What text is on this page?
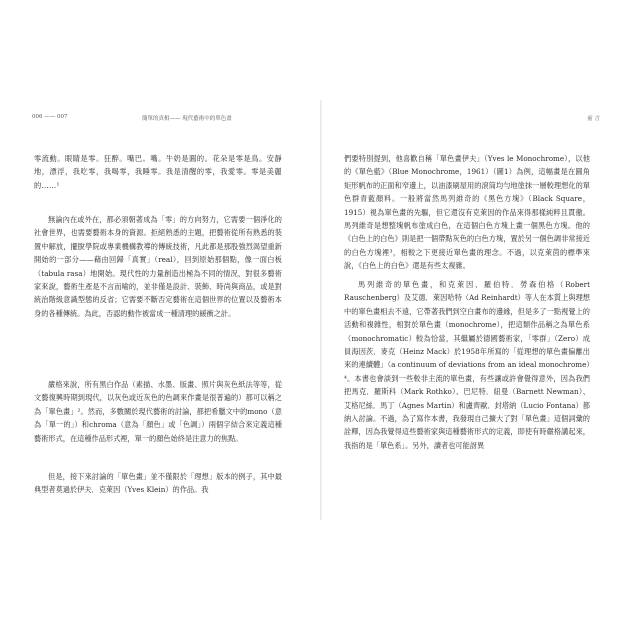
006 —— 007	簡單的真相—— 現代藝術中的單色畫

零流動。眼睛是零。狂醉。嘴巴。嘴。牛奶是圓的。花朵是零是鳥。安靜地，漂浮，我吃零，我喝零，我睡零。我是清醒的零，我愛零。零是美麗的……¹

無論內在或外在，都必須朝著成為「零」的方向努力，它需要一個淨化的社會世界，也需要藝術本身的資源。拒絕熟悉的主題，把藝術從所有熟悉的裝置中解放，擺脫學院或專業機構教導的傳統技術，凡此都是那股強烈渴望重新開始的一部分——藉由回歸「真實」（real），回到原始那個點，像一面白板（tabula rasa）地開始。現代性的力量創造出極為不同的情況，對很多藝術家來說，藝術生產是不言而喻的，並非僅是設計、裝飾、時尚與商品，或是對統治階級意識型態的反省；它需要不斷否定藝術在這個世界的位置以及藝術本身的各種傳統。為此，否認的動作被當成一種清理的緩衝之計。

嚴格來說，所有黑白作品（素描、水墨、版畫、照片與灰色紙法等等，從文藝復興時期到現代，以灰色或近灰色的色調來作畫是很普遍的）都可以稱之為「單色畫」²。然而，多數關於現代藝術的討論，都把希臘文中的mono（意為「單一的」）和chroma（意為「顏色」或「色調」）兩個字結合來定義這種藝術形式，在這種作品形式裡，單一的顏色始終是注意力的焦點。

但是，接下來討論的「單色畫」並不僅限於「理想」版本的例子，其中最典型者莫過於伊夫．克萊因（Yves Klein）的作品。我

前 言

們要特別提到，他喜歡自稱「單色畫伊夫」（Yves le Monochrome），以他的《單色藍》（Blue Monochrome，1961）（圖1）為例，這幅畫是在圓角矩形帆布的正面和窄邊上，以油漆刷屋用的滾筒均勻地塗抹一層較理想化的單色群青藍顏料。一般將當然馬列維奇的《黑色方塊》（Black Square，1915）視為單色畫的先驅，但它還沒有克萊因的作品來得那樣純粹且貫徹。馬列維奇是想整塊帆布塗成白色，在這個白色方塊上畫一個黑色方塊。他的《白色上的白色》則是把一個帶點灰色的白色方塊，置於另一個色調非常接近的白色方塊裡³，相較之下更接近單色畫的理念。不過，以克萊茵的標準來說，《白色上的白色》還是有些太複雜。

馬列維奇的單色畫，和克萊因、羅伯特．勞森伯格（Robert Rauschenberg）及艾德．萊因哈特（Ad Reinhardt）等人在本質上與理想中的單色畫相去不遠，它帶著我們到空白畫布的邊緣，但是多了一點視覺上的活動和複雜性，相對於單色畫（monochrome），把這類作品稱之為單色系（monochromatic）較為恰當，其繼屬於德國藝術家，「零群」（Zero）成員海因茨．麥克（Heinz Mack）於1958年所寫的「從理想的單色畫偏離出來的連續體」（a continuum of deviations from an ideal monochrome）⁴。本書也會談到一些較非主流的單色畫，有些讓或許會覺得意外，因為我們把馬克．羅斯科（Mark Rothko）、巴尼特．紐曼（Barnett Newman）、艾格尼絲．馬丁（Agnes Martin）和盧齊歐．封塔納（Lucio Fontana）都納入討論。不過，為了寫作本書，我發現自己擴大了對「單色畫」這個詞彙的詮釋，因為我覺得這些藝術家與這種藝術形式的定義，即使有時嚴格講起來，我指的是「單色系」。另外，讀者也可能訝異
